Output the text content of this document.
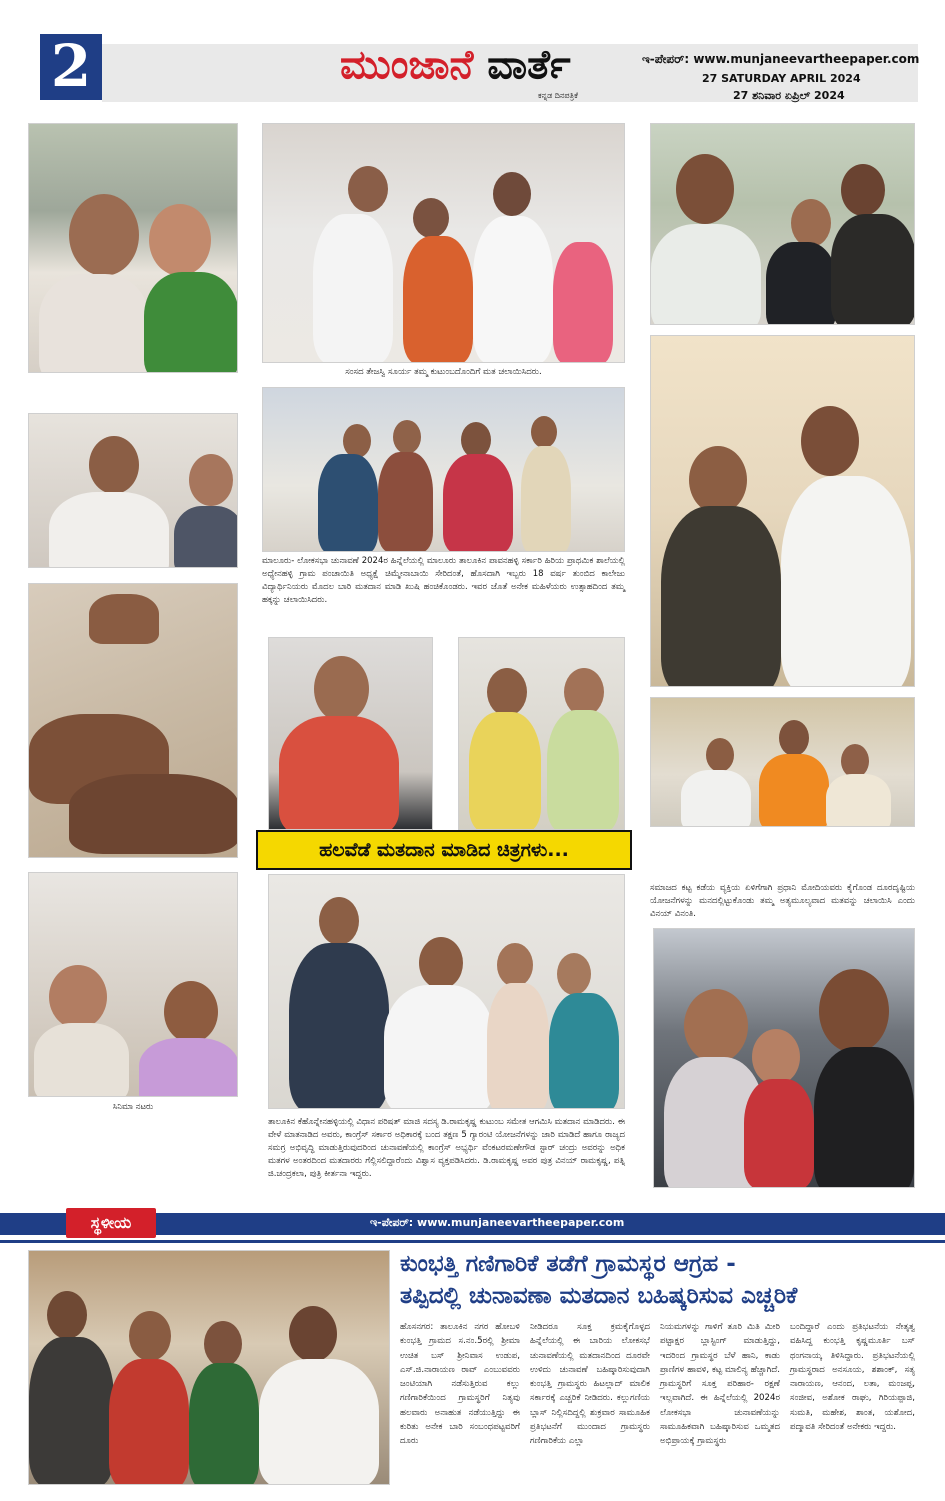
2	ಮುಂಜಾನೆ ವಾರ್ತೆ
ಕನ್ನಡ ದಿನಪತ್ರಿಕೆ
ಇ-ಪೇಪರ್: www.munjaneevartheepaper.com
27 SATURDAY APRIL 2024
27 ಶನಿವಾರ ಏಪ್ರಿಲ್ 2024
ಸಿನಿಮಾ ನಟರು
ಸಂಸದ ತೇಜಸ್ವಿ ಸೂರ್ಯ ತಮ್ಮ ಕುಟುಂಬದೊಂದಿಗೆ ಮತ ಚಲಾಯಿಸಿದರು.
ಮಾಲೂರು- ಲೋಕಸಭಾ ಚುನಾವಣೆ 2024ರ ಹಿನ್ನೆಲೆಯಲ್ಲಿ ಮಾಲೂರು ತಾಲೂಕಿನ ಪಾವನಹಳ್ಳಿ ಸರ್ಕಾರಿ ಹಿರಿಯ ಪ್ರಾಥಮಿಕ ಶಾಲೆಯಲ್ಲಿ ಅಧ್ಯೇನಹಳ್ಳಿ ಗ್ರಾಮ ಪಂಚಾಯಿತಿ ಅಧ್ಯಕ್ಷೆ ಚಿಮ್ಮೇನಾಬಾಯಿ ಸೇರಿದಂತೆ, ಹೊಸದಾಗಿ ಇಬ್ಬರು 18 ವರ್ಷ ತುಂಬಿದ ಕಾಲೇಜು ವಿದ್ಯಾರ್ಥಿನಿಯರು ಮೊದಲ ಬಾರಿ ಮತದಾನ ಮಾಡಿ ಖುಷಿ ಹಂಚಿಕೊಂಡರು. ಇವರ ಜೊತೆ ಅನೇಕ ಮಹಿಳೆಯರು ಉತ್ಸಾಹದಿಂದ ತಮ್ಮ ಹಕ್ಕನ್ನು ಚಲಾಯಿಸಿದರು.
ಹಲವೆಡೆ ಮತದಾನ ಮಾಡಿದ ಚಿತ್ರಗಳು...
ತಾಲೂಕಿನ ಕೆಹೊನ್ನೇನಹಳ್ಳಿಯಲ್ಲಿ ವಿಧಾನ ಪರಿಷತ್ ಮಾಜಿ ಸದಸ್ಯ ಡಿ.ರಾಮಕೃಷ್ಣ ಕುಟುಂಬ ಸಮೇತ ಆಗಮಿಸಿ ಮತದಾನ ಮಾಡಿದರು. ಈ ವೇಳೆ ಮಾತನಾಡಿದ ಅವರು, ಕಾಂಗ್ರೆಸ್ ಸರ್ಕಾರ ಅಧಿಕಾರಕ್ಕೆ ಬಂದ ತಕ್ಷಣ 5 ಗ್ಯಾರಂಟಿ ಯೋಜನೆಗಳನ್ನು ಜಾರಿ ಮಾಡಿದೆ ಹಾಗೂ ರಾಜ್ಯದ ಸಮಗ್ರ ಅಭಿವೃದ್ಧಿ ಮಾಡುತ್ತಿರುವುದರಿಂದ ಚುನಾವಣೆಯಲ್ಲಿ ಕಾಂಗ್ರೆಸ್ ಅಭ್ಯರ್ಥಿ ವೆಂಕಟರಮಣೇಗೌಡ ಸ್ಟಾರ್ ಚಂದ್ರು ಅವರನ್ನು ಅಧಿಕ ಮತಗಳ ಅಂತರದಿಂದ ಮತದಾರರು ಗೆಲ್ಲಿಸಲಿದ್ದಾರೆಂದು ವಿಶ್ವಾಸ ವ್ಯಕ್ತಪಡಿಸಿದರು. ಡಿ.ರಾಮಕೃಷ್ಣ ಅವರ ಪುತ್ರ ವಿನಯ್ ರಾಮಕೃಷ್ಣ, ಪತ್ನಿ ಜಿ.ಚಂದ್ರಕಲಾ, ಪುತ್ರಿ ಕೀರ್ತನಾ ಇದ್ದರು.
ಸಮಾಜದ ಕಟ್ಟ ಕಡೆಯ ವ್ಯಕ್ತಿಯ ಏಳಿಗೆಗಾಗಿ ಪ್ರಧಾನಿ ಮೋದಿಯವರು ಕೈಗೊಂಡ ದೂರದೃಷ್ಟಿಯ ಯೋಜನೆಗಳನ್ನು ಮನದಲ್ಲಿಟ್ಟುಕೊಂಡು ತಮ್ಮ ಅತ್ಯಮೂಲ್ಯವಾದ ಮತವನ್ನು ಚಲಾಯಿಸಿ ಎಂದು ವಿನಯ್ ವಿನಂತಿ.
ಸ್ಥಳೀಯ	ಇ-ಪೇಪರ್: www.munjaneevartheepaper.com
ಕುಂಭತ್ತಿ ಗಣಿಗಾರಿಕೆ ತಡೆಗೆ ಗ್ರಾಮಸ್ಥರ ಆಗ್ರಹ -
ತಪ್ಪಿದಲ್ಲಿ ಚುನಾವಣಾ ಮತದಾನ ಬಹಿಷ್ಕರಿಸುವ ಎಚ್ಚರಿಕೆ
ಹೊಸನಗರ: ತಾಲೂಕಿನ ನಗರ ಹೋಬಳಿ ಕುಂಭತ್ತಿ ಗ್ರಾಮದ ಸ.ನಂ.5ರಲ್ಲಿ ಶ್ರೀಮಾ ಉಚಿತ ಬಸ್ ಶ್ರೀನಿವಾಸ ಉಡುಪ, ಎಸ್.ಜಿ.ನಾರಾಯಣ ರಾವ್ ಎಂಬುವವರು ಜಂಟಿಯಾಗಿ ನಡೆಸುತ್ತಿರುವ ಕಲ್ಲು ಗಣಿಗಾರಿಕೆಯಿಂದ ಗ್ರಾಮಸ್ಥರಿಗೆ ನಿತ್ಯವು ಹಲವಾರು ಅನಾಹುತ ನಡೆಯುತ್ತಿದ್ದು ಈ ಕುರಿತು ಅನೇಕ ಬಾರಿ ಸಂಬಂಧಪಟ್ಟವರಿಗೆ ದೂರು
ನೀಡಿದರೂ ಸೂಕ್ತ ಕ್ರಮಕೈಗೊಳ್ಳದ ಹಿನ್ನೆಲೆಯಲ್ಲಿ ಈ ಬಾರಿಯ ಲೋಕಸಭೆ ಚುನಾವಣೆಯಲ್ಲಿ ಮತದಾನದಿಂದ ದೂರವೇ ಉಳಿದು ಚುನಾವಣೆ ಬಹಿಷ್ಕಾರಿಸುವುದಾಗಿ ಕುಂಭತ್ತಿ ಗ್ರಾಮಸ್ಥರು ಹಿಟಲ್ಲಾದ್ ಮಾಲಿಕ ಸರ್ಕಾರಕ್ಕೆ ಎಚ್ಚರಿಕೆ ನೀಡಿದರು. ಕಲ್ಲುಗಣಿಯ ಬ್ಲಾಸ್ ನಿಲ್ಲಿಸದಿದ್ದಲ್ಲಿ ಶುಕ್ರವಾರ ಸಾಮೂಹಿಕ ಪ್ರತಿಭಟನೆಗೆ ಮುಂದಾದ ಗ್ರಾಮಸ್ಥರು ಗಣಿಗಾರಿಕೆಯ ಎಲ್ಲಾ
ನಿಯಮಗಳನ್ನು ಗಾಳಿಗೆ ತೂರಿ ಮಿತಿ ಮೀರಿ ಪಟ್ಟಾಕ್ಷರ ಬ್ಲಾಸ್ಟಿಂಗ್ ಮಾಡುತ್ತಿದ್ದು, ಇದರಿಂದ ಗ್ರಾಮಸ್ಥರ ಬೆಳೆ ಹಾನಿ, ಕಾಡು ಪ್ರಾಣಿಗಳ ಹಾವಳಿ, ಕಟ್ಟ ಮಾಲಿನ್ಯ ಹೆಚ್ಚಾಗಿದೆ. ಗ್ರಾಮಸ್ಥರಿಗೆ ಸೂಕ್ತ ಪರಿಹಾರ- ರಕ್ಷಣೆ ಇಲ್ಲವಾಗಿದೆ. ಈ ಹಿನ್ನೆಲೆಯಲ್ಲಿ 2024ರ ಲೋಕಸಭಾ ಚುನಾವಣೆಯನ್ನು ಸಾಮೂಹಿಕವಾಗಿ ಬಹಿಷ್ಕಾರಿಸುವ ಒಮ್ಮತದ ಅಭಿಪ್ರಾಯಕ್ಕೆ ಗ್ರಾಮಸ್ಥರು
ಬಂದಿದ್ದಾರೆ ಎಂದು ಪ್ರತಿಭಟನೆಯ ನೇತೃತ್ವ ವಹಿಸಿದ್ದ ಕುಂಭತ್ತಿ ಕೃಷ್ಣಮೂರ್ತಿ ಬಸ್ ಥಂಗನಾಯ್ಕ ತಿಳಿಸಿದ್ದಾರು. ಪ್ರತಿಭಟನೆಯಲ್ಲಿ ಗ್ರಾಮಸ್ಥರಾದ ಅನಸೂಯ, ಶಶಾಂಕ್, ಸತ್ಯ ನಾರಾಯಣ, ಆನಂದ, ಲತಾ, ಮಂಜಪ್ಪ, ಸಂಜೀವ, ಅಶೋಕ ರಾಘು, ಗಿರಿಯಪ್ಪಾಜಿ, ಸುಮತಿ, ಮಹೇಶ, ಶಾಂತ, ಯಶೋದ, ಪದ್ಮಾವತಿ ಸೇರಿದಂತೆ ಅನೇಕರು ಇದ್ದರು.
